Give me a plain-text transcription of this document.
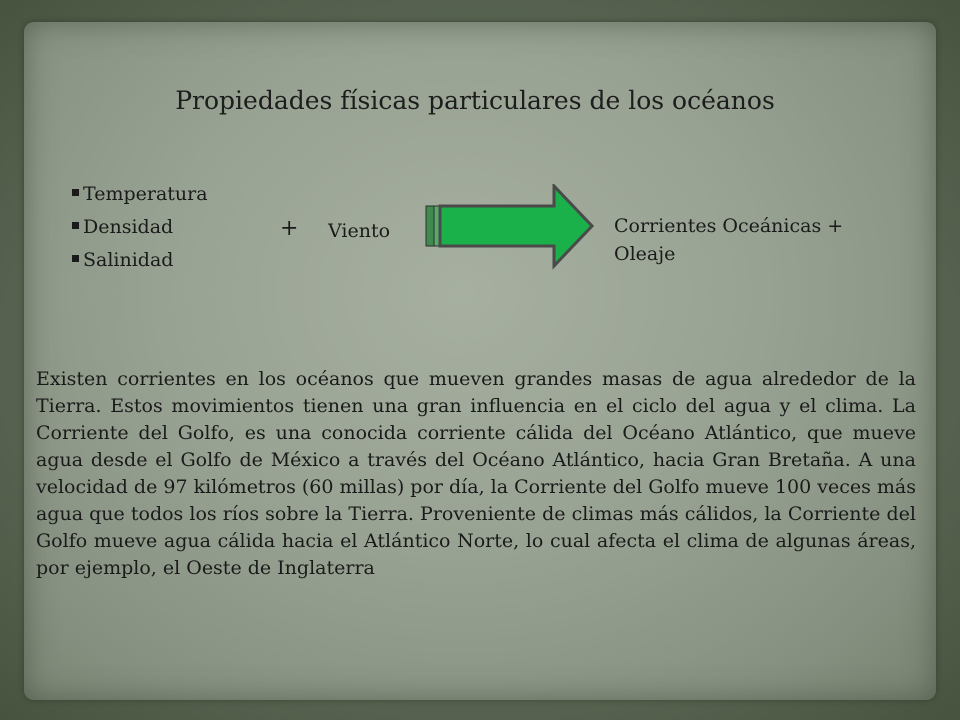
Propiedades físicas particulares de los océanos
Temperatura
Densidad
Salinidad
+ Viento	Corrientes Oceánicas +
Oleaje

Existen corrientes en los océanos que mueven grandes masas de agua alrededor de la Tierra. Estos movimientos tienen una gran influencia en el ciclo del agua y el clima. La Corriente del Golfo, es una conocida corriente cálida del Océano Atlántico, que mueve agua desde el Golfo de México a través del Océano Atlántico, hacia Gran Bretaña. A una velocidad de 97 kilómetros (60 millas) por día, la Corriente del Golfo mueve 100 veces más agua que todos los ríos sobre la Tierra. Proveniente de climas más cálidos, la Corriente del Golfo mueve agua cálida hacia el Atlántico Norte, lo cual afecta el clima de algunas áreas, por ejemplo, el Oeste de Inglaterra
